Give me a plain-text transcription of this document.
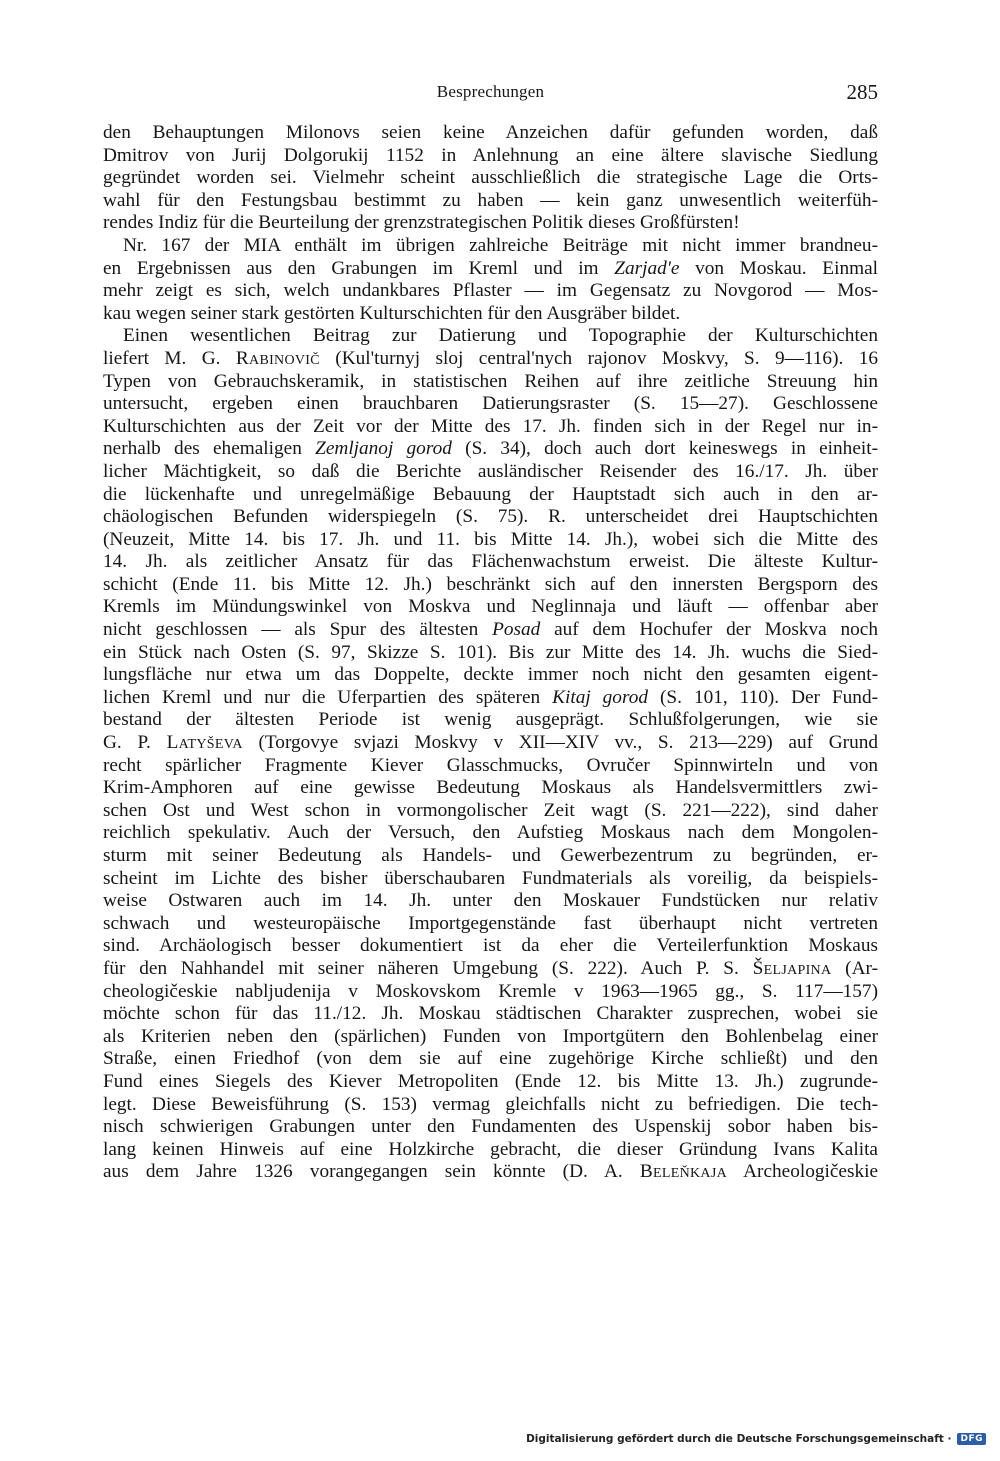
Besprechungen	285
den Behauptungen Milonovs seien keine Anzeichen dafür gefunden worden, daß
Dmitrov von Jurij Dolgorukij 1152 in Anlehnung an eine ältere slavische Siedlung
gegründet worden sei. Vielmehr scheint ausschließlich die strategische Lage die Orts-
wahl für den Festungsbau bestimmt zu haben — kein ganz unwesentlich weiterfüh-
rendes Indiz für die Beurteilung der grenzstrategischen Politik dieses Großfürsten!
Nr. 167 der MIA enthält im übrigen zahlreiche Beiträge mit nicht immer brandneu-
en Ergebnissen aus den Grabungen im Kreml und im Zarjad'e von Moskau. Einmal
mehr zeigt es sich, welch undankbares Pflaster — im Gegensatz zu Novgorod — Mos-
kau wegen seiner stark gestörten Kulturschichten für den Ausgräber bildet.
Einen wesentlichen Beitrag zur Datierung und Topographie der Kulturschichten
liefert M. G. Rabinovič (Kul'turnyj sloj central'nych rajonov Moskvy, S. 9—116). 16
Typen von Gebrauchskeramik, in statistischen Reihen auf ihre zeitliche Streuung hin
untersucht, ergeben einen brauchbaren Datierungsraster (S. 15—27). Geschlossene
Kulturschichten aus der Zeit vor der Mitte des 17. Jh. finden sich in der Regel nur in-
nerhalb des ehemaligen Zemljanoj gorod (S. 34), doch auch dort keineswegs in einheit-
licher Mächtigkeit, so daß die Berichte ausländischer Reisender des 16./17. Jh. über
die lückenhafte und unregelmäßige Bebauung der Hauptstadt sich auch in den ar-
chäologischen Befunden widerspiegeln (S. 75). R. unterscheidet drei Hauptschichten
(Neuzeit, Mitte 14. bis 17. Jh. und 11. bis Mitte 14. Jh.), wobei sich die Mitte des
14. Jh. als zeitlicher Ansatz für das Flächenwachstum erweist. Die älteste Kultur-
schicht (Ende 11. bis Mitte 12. Jh.) beschränkt sich auf den innersten Bergsporn des
Kremls im Mündungswinkel von Moskva und Neglinnaja und läuft — offenbar aber
nicht geschlossen — als Spur des ältesten Posad auf dem Hochufer der Moskva noch
ein Stück nach Osten (S. 97, Skizze S. 101). Bis zur Mitte des 14. Jh. wuchs die Sied-
lungsfläche nur etwa um das Doppelte, deckte immer noch nicht den gesamten eigent-
lichen Kreml und nur die Uferpartien des späteren Kitaj gorod (S. 101, 110). Der Fund-
bestand der ältesten Periode ist wenig ausgeprägt. Schlußfolgerungen, wie sie
G. P. Latyševa (Torgovye svjazi Moskvy v XII—XIV vv., S. 213—229) auf Grund
recht spärlicher Fragmente Kiever Glasschmucks, Ovručer Spinnwirteln und von
Krim-Amphoren auf eine gewisse Bedeutung Moskaus als Handelsvermittlers zwi-
schen Ost und West schon in vormongolischer Zeit wagt (S. 221—222), sind daher
reichlich spekulativ. Auch der Versuch, den Aufstieg Moskaus nach dem Mongolen-
sturm mit seiner Bedeutung als Handels- und Gewerbezentrum zu begründen, er-
scheint im Lichte des bisher überschaubaren Fundmaterials als voreilig, da beispiels-
weise Ostwaren auch im 14. Jh. unter den Moskauer Fundstücken nur relativ
schwach und westeuropäische Importgegenstände fast überhaupt nicht vertreten
sind. Archäologisch besser dokumentiert ist da eher die Verteilerfunktion Moskaus
für den Nahhandel mit seiner näheren Umgebung (S. 222). Auch P. S. Šeljapina (Ar-
cheologičeskie nabljudenija v Moskovskom Kremle v 1963—1965 gg., S. 117—157)
möchte schon für das 11./12. Jh. Moskau städtischen Charakter zusprechen, wobei sie
als Kriterien neben den (spärlichen) Funden von Importgütern den Bohlenbelag einer
Straße, einen Friedhof (von dem sie auf eine zugehörige Kirche schließt) und den
Fund eines Siegels des Kiever Metropoliten (Ende 12. bis Mitte 13. Jh.) zugrunde-
legt. Diese Beweisführung (S. 153) vermag gleichfalls nicht zu befriedigen. Die tech-
nisch schwierigen Grabungen unter den Fundamenten des Uspenskij sobor haben bis-
lang keinen Hinweis auf eine Holzkirche gebracht, die dieser Gründung Ivans Kalita
aus dem Jahre 1326 vorangegangen sein könnte (D. A. Beleňkaja Archeologičeskie
Digitalisierung gefördert durch die Deutsche Forschungsgemeinschaft ·	DFG
